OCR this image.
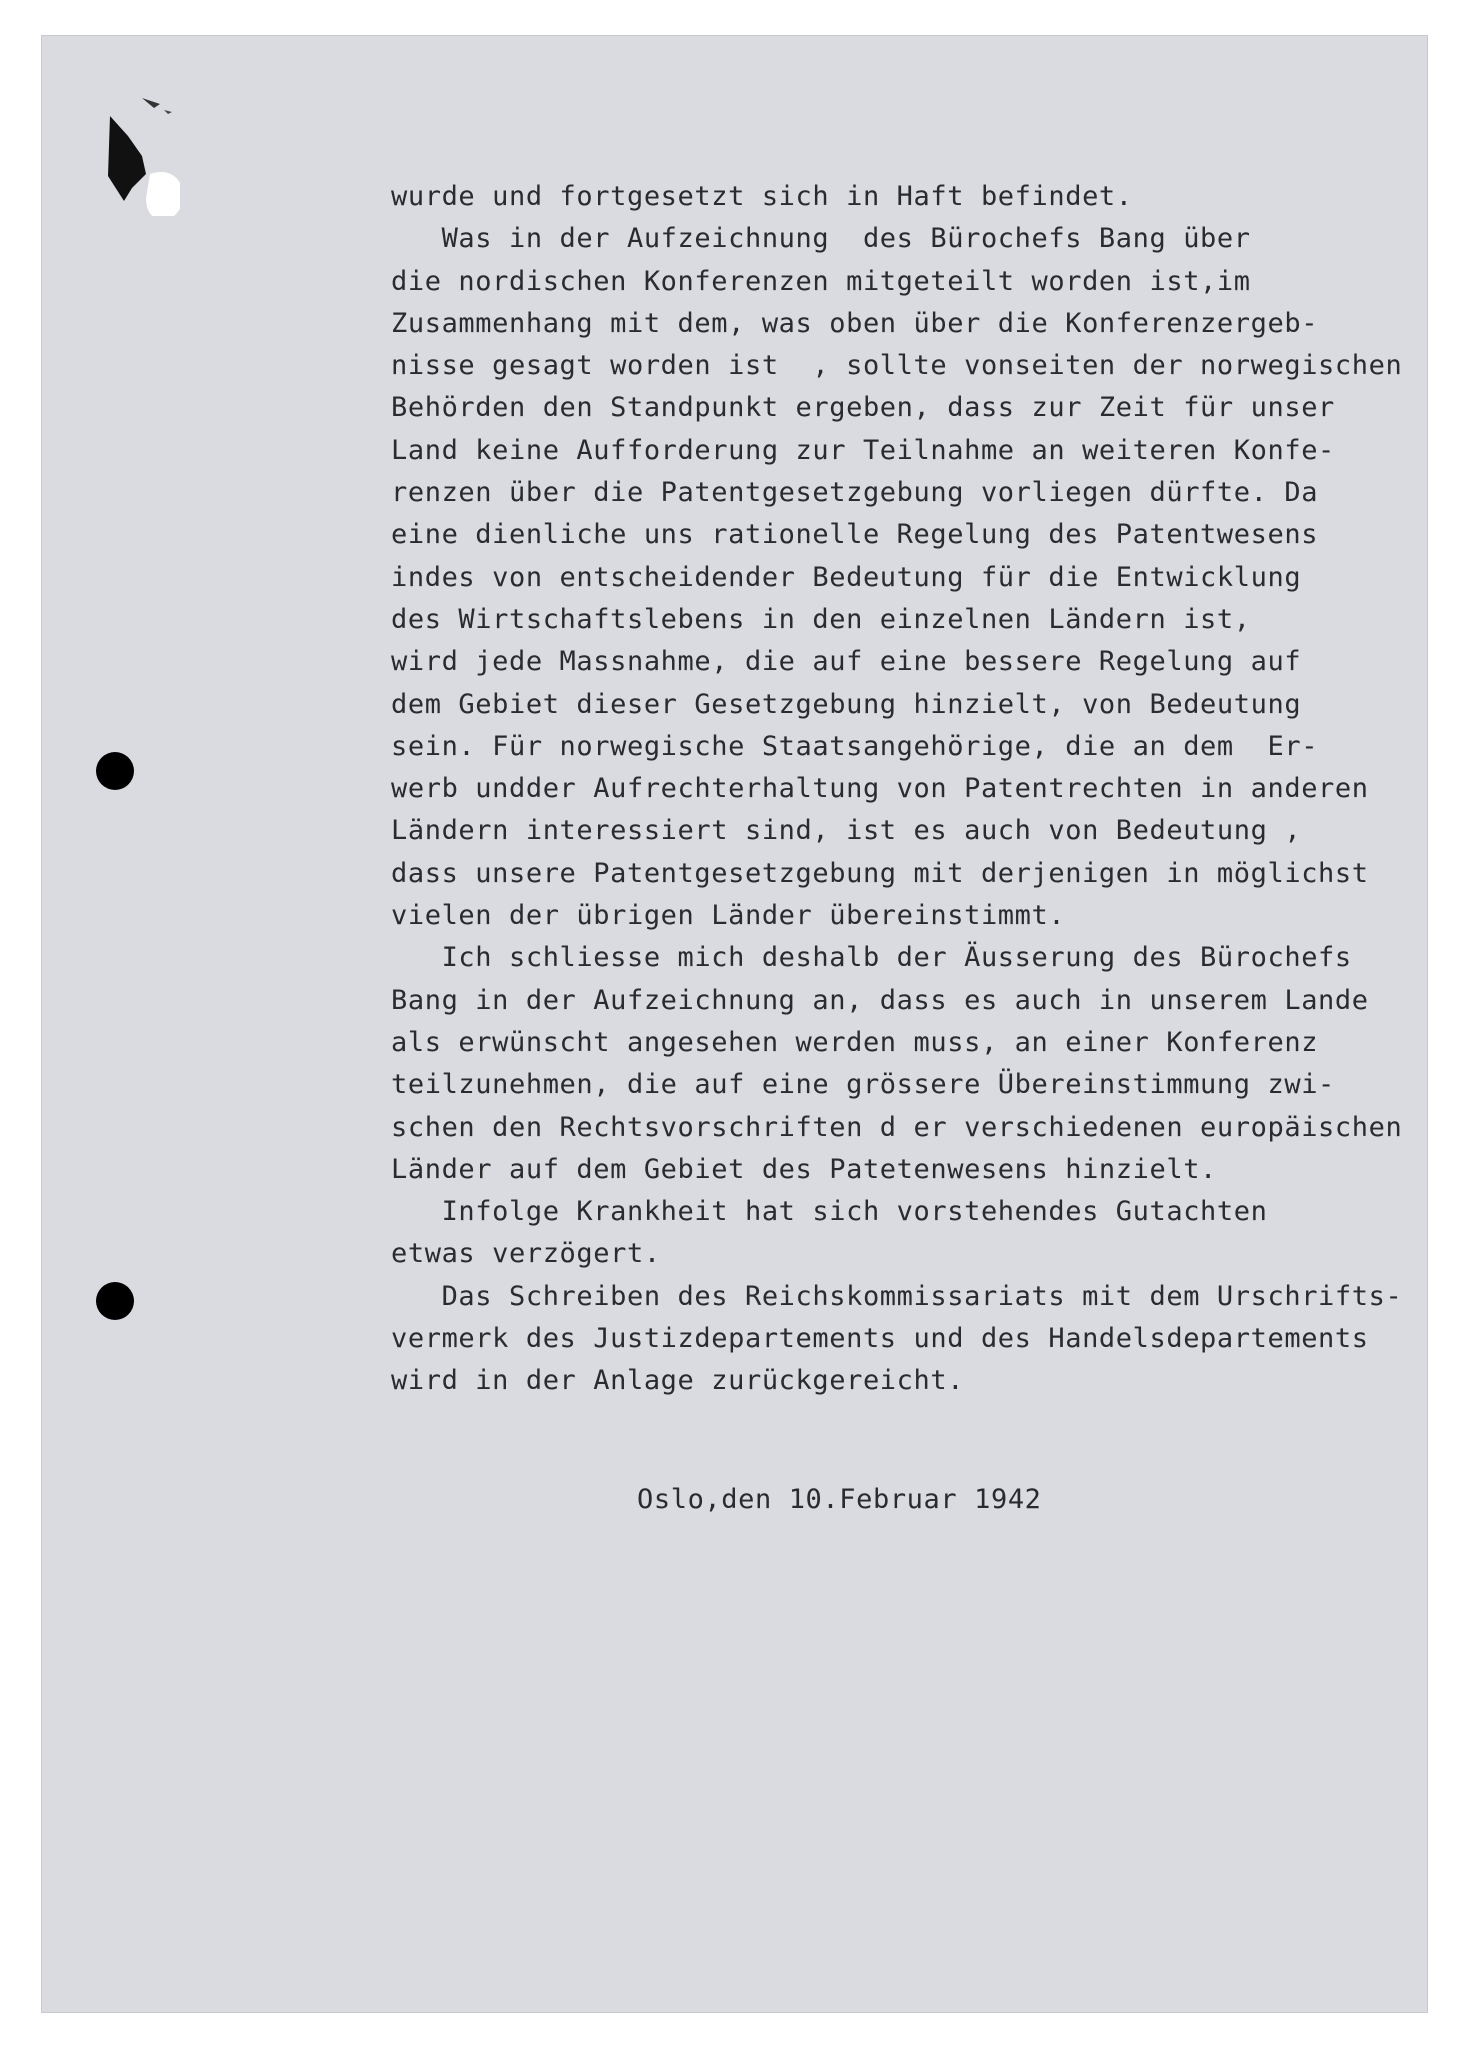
wurde und fortgesetzt sich in Haft befindet.
Was in der Aufzeichnung  des Bürochefs Bang über
die nordischen Konferenzen mitgeteilt worden ist,im
Zusammenhang mit dem, was oben über die Konferenzergeb-
nisse gesagt worden ist  , sollte vonseiten der norwegischen
Behörden den Standpunkt ergeben, dass zur Zeit für unser
Land keine Aufforderung zur Teilnahme an weiteren Konfe-
renzen über die Patentgesetzgebung vorliegen dürfte. Da
eine dienliche uns rationelle Regelung des Patentwesens
indes von entscheidender Bedeutung für die Entwicklung
des Wirtschaftslebens in den einzelnen Ländern ist,
wird jede Massnahme, die auf eine bessere Regelung auf
dem Gebiet dieser Gesetzgebung hinzielt, von Bedeutung
sein. Für norwegische Staatsangehörige, die an dem  Er-
werb undder Aufrechterhaltung von Patentrechten in anderen
Ländern interessiert sind, ist es auch von Bedeutung ,
dass unsere Patentgesetzgebung mit derjenigen in möglichst
vielen der übrigen Länder übereinstimmt.
Ich schliesse mich deshalb der Äusserung des Bürochefs
Bang in der Aufzeichnung an, dass es auch in unserem Lande
als erwünscht angesehen werden muss, an einer Konferenz
teilzunehmen, die auf eine grössere Übereinstimmung zwi-
schen den Rechtsvorschriften d er verschiedenen europäischen
Länder auf dem Gebiet des Patetenwesens hinzielt.
Infolge Krankheit hat sich vorstehendes Gutachten
etwas verzögert.
Das Schreiben des Reichskommissariats mit dem Urschrifts-
vermerk des Justizdepartements und des Handelsdepartements
wird in der Anlage zurückgereicht.
Oslo,den 10.Februar 1942
